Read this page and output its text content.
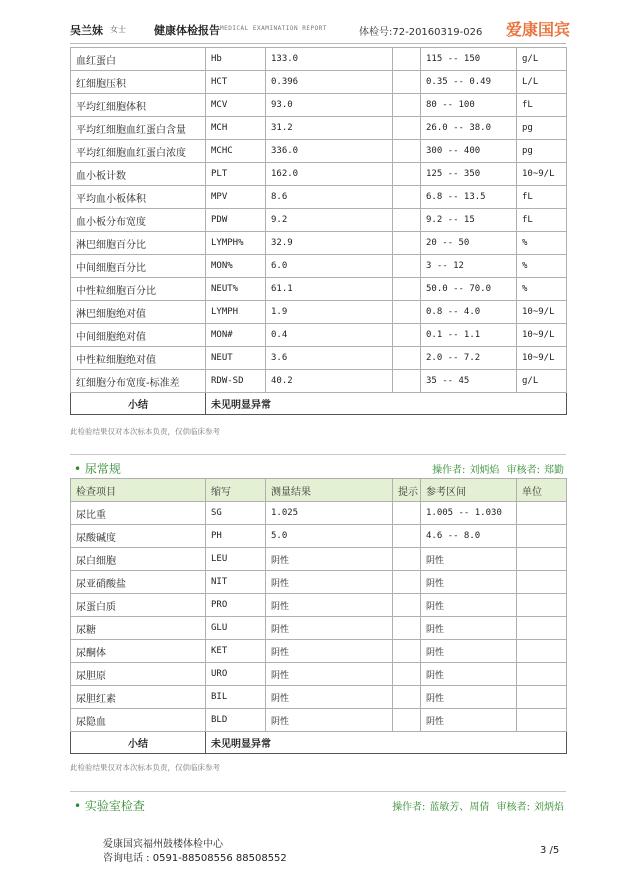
吴兰妹 女士	健康体检报告 MEDICAL EXAMINATION REPORT	体检号:72-20160319-026 爱康国宾
血红蛋白	Hb	133.0		115 -- 150	g/L
红细胞压积	HCT	0.396		0.35 -- 0.49	L/L
平均红细胞体积	MCV	93.0		80 -- 100	fL
平均红细胞血红蛋白含量	MCH	31.2		26.0 -- 38.0	pg
平均红细胞血红蛋白浓度	MCHC	336.0		300 -- 400	pg
血小板计数	PLT	162.0		125 -- 350	10~9/L
平均血小板体积	MPV	8.6		6.8 -- 13.5	fL
血小板分布宽度	PDW	9.2		9.2 -- 15	fL
淋巴细胞百分比	LYMPH%	32.9		20 -- 50	%
中间细胞百分比	MON%	6.0		3 -- 12	%
中性粒细胞百分比	NEUT%	61.1		50.0 -- 70.0	%
淋巴细胞绝对值	LYMPH	1.9		0.8 -- 4.0	10~9/L
中间细胞绝对值	MON#	0.4		0.1 -- 1.1	10~9/L
中性粒细胞绝对值	NEUT	3.6		2.0 -- 7.2	10~9/L
红细胞分布宽度-标准差	RDW-SD	40.2		35 -- 45	g/L
小结	未见明显异常				
此检验结果仅对本次标本负责，仅供临床参考
• 尿常规	操作者: 刘炳焰 审核者: 郑勤
检查项目	缩写	测量结果	提示	参考区间	单位
尿比重	SG	1.025		1.005 -- 1.030	
尿酸碱度	PH	5.0		4.6 -- 8.0	
尿白细胞	LEU	阴性		阴性	
尿亚硝酸盐	NIT	阴性		阴性	
尿蛋白质	PRO	阴性		阴性	
尿糖	GLU	阴性		阴性	
尿酮体	KET	阴性		阴性	
尿胆原	URO	阴性		阴性	
尿胆红素	BIL	阴性		阴性	
尿隐血	BLD	阴性		阴性	
小结	未见明显异常				
此检验结果仅对本次标本负责，仅供临床参考
• 实验室检查	操作者: 蓝敏芳、周倩 审核者: 刘炳焰
爱康国宾福州鼓楼体检中心
咨询电话 : 0591-88508556 88508552
3 /5
